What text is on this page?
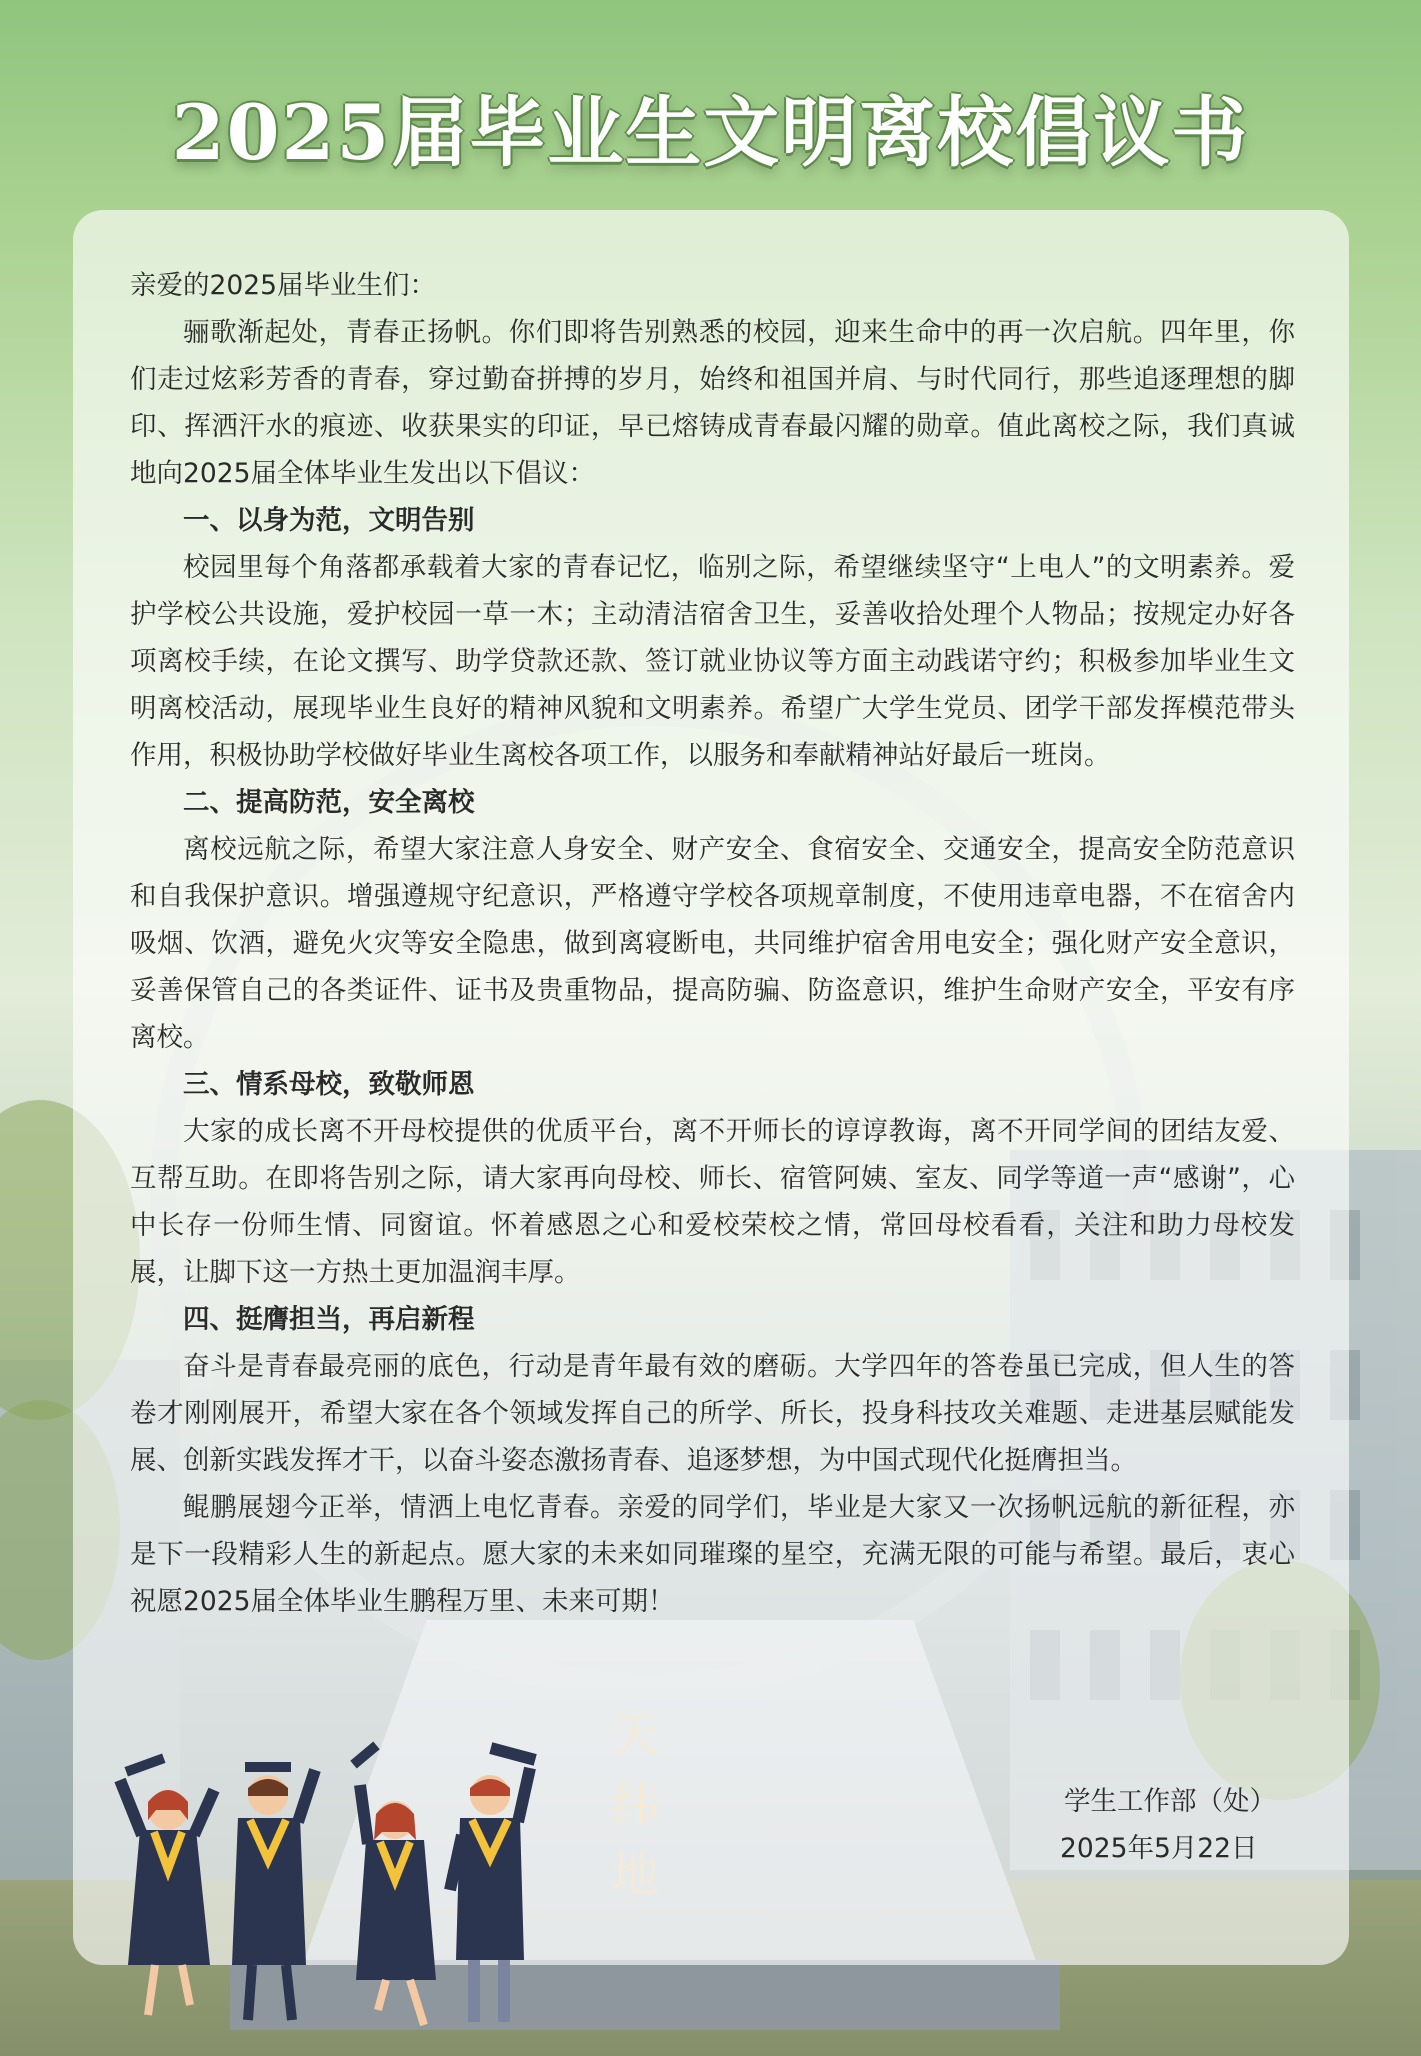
2025届毕业生文明离校倡议书

亲爱的2025届毕业生们：

骊歌渐起处，青春正扬帆。你们即将告别熟悉的校园，迎来生命中的再一次启航。四年里，你们走过炫彩芳香的青春，穿过勤奋拼搏的岁月，始终和祖国并肩、与时代同行，那些追逐理想的脚印、挥洒汗水的痕迹、收获果实的印证，早已熔铸成青春最闪耀的勋章。值此离校之际，我们真诚地向2025届全体毕业生发出以下倡议：

一、以身为范，文明告别

校园里每个角落都承载着大家的青春记忆，临别之际，希望继续坚守“上电人”的文明素养。爱护学校公共设施，爱护校园一草一木；主动清洁宿舍卫生，妥善收拾处理个人物品；按规定办好各项离校手续，在论文撰写、助学贷款还款、签订就业协议等方面主动践诺守约；积极参加毕业生文明离校活动，展现毕业生良好的精神风貌和文明素养。希望广大学生党员、团学干部发挥模范带头作用，积极协助学校做好毕业生离校各项工作，以服务和奉献精神站好最后一班岗。

二、提高防范，安全离校

离校远航之际，希望大家注意人身安全、财产安全、食宿安全、交通安全，提高安全防范意识和自我保护意识。增强遵规守纪意识，严格遵守学校各项规章制度，不使用违章电器，不在宿舍内吸烟、饮酒，避免火灾等安全隐患，做到离寝断电，共同维护宿舍用电安全；强化财产安全意识，妥善保管自己的各类证件、证书及贵重物品，提高防骗、防盗意识，维护生命财产安全，平安有序离校。

三、情系母校，致敬师恩

大家的成长离不开母校提供的优质平台，离不开师长的谆谆教诲，离不开同学间的团结友爱、互帮互助。在即将告别之际，请大家再向母校、师长、宿管阿姨、室友、同学等道一声“感谢”，心中长存一份师生情、同窗谊。怀着感恩之心和爱校荣校之情，常回母校看看，关注和助力母校发展，让脚下这一方热土更加温润丰厚。

四、挺膺担当，再启新程

奋斗是青春最亮丽的底色，行动是青年最有效的磨砺。大学四年的答卷虽已完成，但人生的答卷才刚刚展开，希望大家在各个领域发挥自己的所学、所长，投身科技攻关难题、走进基层赋能发展、创新实践发挥才干，以奋斗姿态激扬青春、追逐梦想，为中国式现代化挺膺担当。

鲲鹏展翅今正举，情洒上电忆青春。亲爱的同学们，毕业是大家又一次扬帆远航的新征程，亦是下一段精彩人生的新起点。愿大家的未来如同璀璨的星空，充满无限的可能与希望。最后，衷心祝愿2025届全体毕业生鹏程万里、未来可期！

学生工作部（处）
2025年5月22日
